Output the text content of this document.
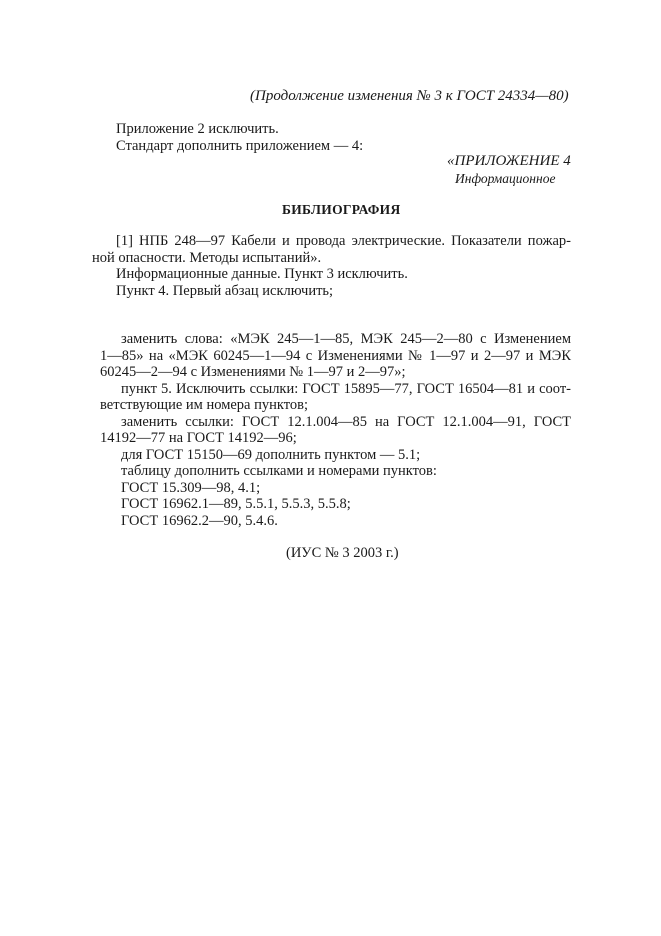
(Продолжение изменения № 3 к ГОСТ 24334—80)
Приложение 2 исключить.
Стандарт дополнить приложением — 4:
«ПРИЛОЖЕНИЕ 4
Информационное
БИБЛИОГРАФИЯ
[1] НПБ 248—97 Кабели и провода электрические. Показатели пожар-
ной опасности. Методы испытаний».
Информационные данные. Пункт 3 исключить.
Пункт 4. Первый абзац исключить;
заменить слова: «МЭК 245—1—85, МЭК 245—2—80 с Изменением
1—85» на «МЭК 60245—1—94 с Изменениями № 1—97 и 2—97 и МЭК
60245—2—94 с Изменениями № 1—97 и 2—97»;
пункт 5. Исключить ссылки: ГОСТ 15895—77, ГОСТ 16504—81 и соот-
ветствующие им номера пунктов;
заменить ссылки: ГОСТ 12.1.004—85 на ГОСТ 12.1.004—91, ГОСТ
14192—77 на ГОСТ 14192—96;
для ГОСТ 15150—69 дополнить пунктом — 5.1;
таблицу дополнить ссылками и номерами пунктов:
ГОСТ 15.309—98, 4.1;
ГОСТ 16962.1—89, 5.5.1, 5.5.3, 5.5.8;
ГОСТ 16962.2—90, 5.4.6.
(ИУС № 3 2003 г.)
